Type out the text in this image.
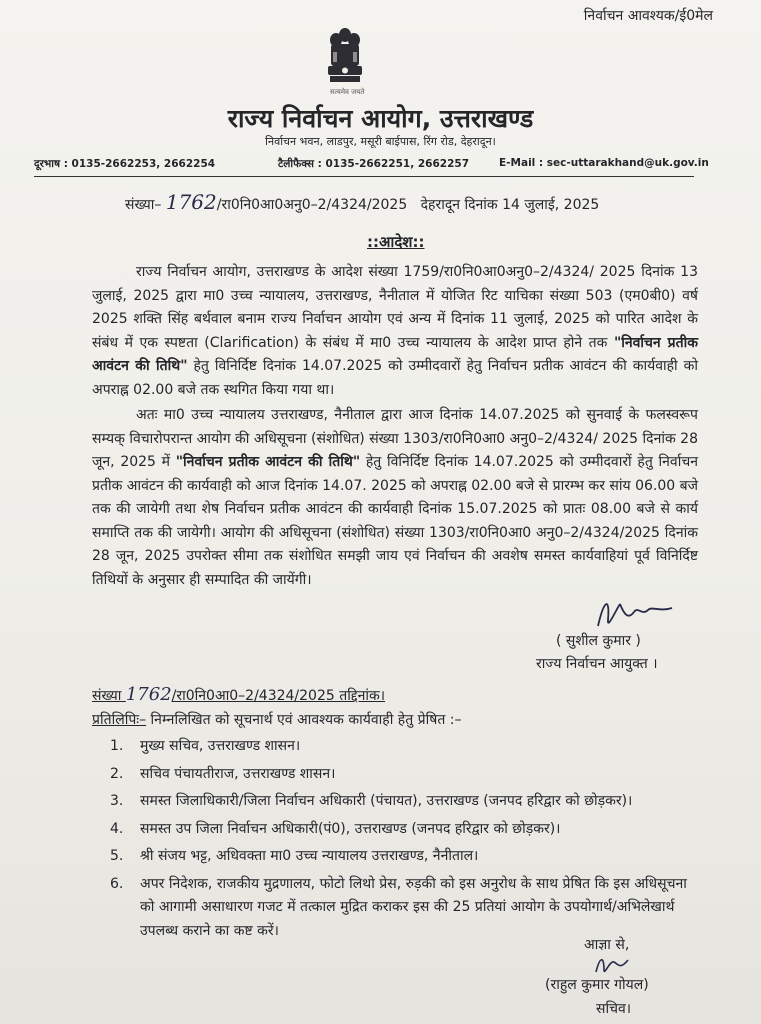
निर्वाचन आवश्यक/ई0मेल
सत्यमेव जयते
राज्य निर्वाचन आयोग, उत्तराखण्ड
निर्वाचन भवन, लाडपुर, मसूरी बाईपास, रिंग रोड, देहरादून।
दूरभाष : 0135-2662253, 2662254	टैलीफैक्स : 0135-2662251, 2662257	E-Mail : sec-uttarakhand@uk.gov.in
संख्या– 1762/रा0नि0आ0अनु0–2/4324/2025 देहरादून दिनांक 14 जुलाई, 2025
::आदेश::
राज्य निर्वाचन आयोग, उत्तराखण्ड के आदेश संख्या 1759/रा0नि0आ0अनु0–2/4324/ 2025 दिनांक 13 जुलाई, 2025 द्वारा मा0 उच्च न्यायालय, उत्तराखण्ड, नैनीताल में योजित रिट याचिका संख्या 503 (एम0बी0) वर्ष 2025 शक्ति सिंह बर्थवाल बनाम राज्य निर्वाचन आयोग एवं अन्य में दिनांक 11 जुलाई, 2025 को पारित आदेश के संबंध में एक स्पष्टता (Clarification) के संबंध में मा0 उच्च न्यायालय के आदेश प्राप्त होने तक "निर्वाचन प्रतीक आवंटन की तिथि" हेतु विनिर्दिष्ट दिनांक 14.07.2025 को उम्मीदवारों हेतु निर्वाचन प्रतीक आवंटन की कार्यवाही को अपराह्न 02.00 बजे तक स्थगित किया गया था।
अतः मा0 उच्च न्यायालय उत्तराखण्ड, नैनीताल द्वारा आज दिनांक 14.07.2025 को सुनवाई के फलस्वरूप सम्यक् विचारोपरान्त आयोग की अधिसूचना (संशोधित) संख्या 1303/रा0नि0आ0 अनु0–2/4324/ 2025 दिनांक 28 जून, 2025 में "निर्वाचन प्रतीक आवंटन की तिथि" हेतु विनिर्दिष्ट दिनांक 14.07.2025 को उम्मीदवारों हेतु निर्वाचन प्रतीक आवंटन की कार्यवाही को आज दिनांक 14.07. 2025 को अपराह्न 02.00 बजे से प्रारम्भ कर सांय 06.00 बजे तक की जायेगी तथा शेष निर्वाचन प्रतीक आवंटन की कार्यवाही दिनांक 15.07.2025 को प्रातः 08.00 बजे से कार्य समाप्ति तक की जायेगी। आयोग की अधिसूचना (संशोधित) संख्या 1303/रा0नि0आ0 अनु0–2/4324/2025 दिनांक 28 जून, 2025 उपरोक्त सीमा तक संशोधित समझी जाय एवं निर्वाचन की अवशेष समस्त कार्यवाहियां पूर्व विनिर्दिष्ट तिथियों के अनुसार ही सम्पादित की जायेंगी।
( सुशील कुमार )
राज्य निर्वाचन आयुक्त ।
संख्या 1762/रा0नि0आ0–2/4324/2025 तद्दिनांक।
प्रतिलिपिः– निम्नलिखित को सूचनार्थ एवं आवश्यक कार्यवाही हेतु प्रेषित :–
1. मुख्य सचिव, उत्तराखण्ड शासन।
2. सचिव पंचायतीराज, उत्तराखण्ड शासन।
3. समस्त जिलाधिकारी/जिला निर्वाचन अधिकारी (पंचायत), उत्तराखण्ड (जनपद हरिद्वार को छोड़कर)।
4. समस्त उप जिला निर्वाचन अधिकारी(पं0), उत्तराखण्ड (जनपद हरिद्वार को छोड़कर)।
5. श्री संजय भट्ट, अधिवक्ता मा0 उच्च न्यायालय उत्तराखण्ड, नैनीताल।
6. अपर निदेशक, राजकीय मुद्रणालय, फोटो लिथो प्रेस, रुड़की को इस अनुरोध के साथ प्रेषित कि इस अधिसूचना को आगामी असाधारण गजट में तत्काल मुद्रित कराकर इस की 25 प्रतियां आयोग के उपयोगार्थ/अभिलेखार्थ उपलब्ध कराने का कष्ट करें।
आज्ञा से,
(राहुल कुमार गोयल)
सचिव।
